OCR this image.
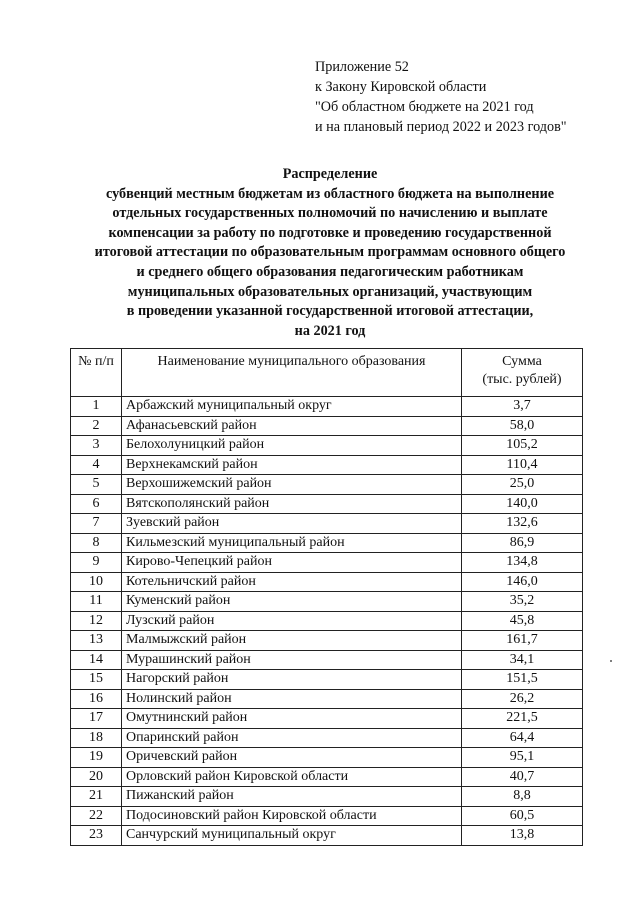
Приложение 52
к Закону Кировской области
"Об областном бюджете на 2021 год
и на плановый период 2022 и 2023 годов"
Распределение
субвенций местным бюджетам из областного бюджета на выполнение
отдельных государственных полномочий по начислению и выплате
компенсации за работу по подготовке и проведению государственной
итоговой аттестации по образовательным программам основного общего
и среднего общего образования педагогическим работникам
муниципальных образовательных организаций, участвующим
в проведении указанной государственной итоговой аттестации,
на 2021 год
№ п/п	Наименование муниципального образования	Сумма
(тыс. рублей)
1	Арбажский муниципальный округ	3,7
2	Афанасьевский район	58,0
3	Белохолуницкий район	105,2
4	Верхнекамский район	110,4
5	Верхошижемский район	25,0
6	Вятскополянский район	140,0
7	Зуевский район	132,6
8	Кильмезский муниципальный район	86,9
9	Кирово-Чепецкий район	134,8
10	Котельничский район	146,0
11	Куменский район	35,2
12	Лузский район	45,8
13	Малмыжский район	161,7
14	Мурашинский район	34,1
15	Нагорский район	151,5
16	Нолинский район	26,2
17	Омутнинский район	221,5
18	Опаринский район	64,4
19	Оричевский район	95,1
20	Орловский район Кировской области	40,7
21	Пижанский район	8,8
22	Подосиновский район Кировской области	60,5
23	Санчурский муниципальный округ	13,8
